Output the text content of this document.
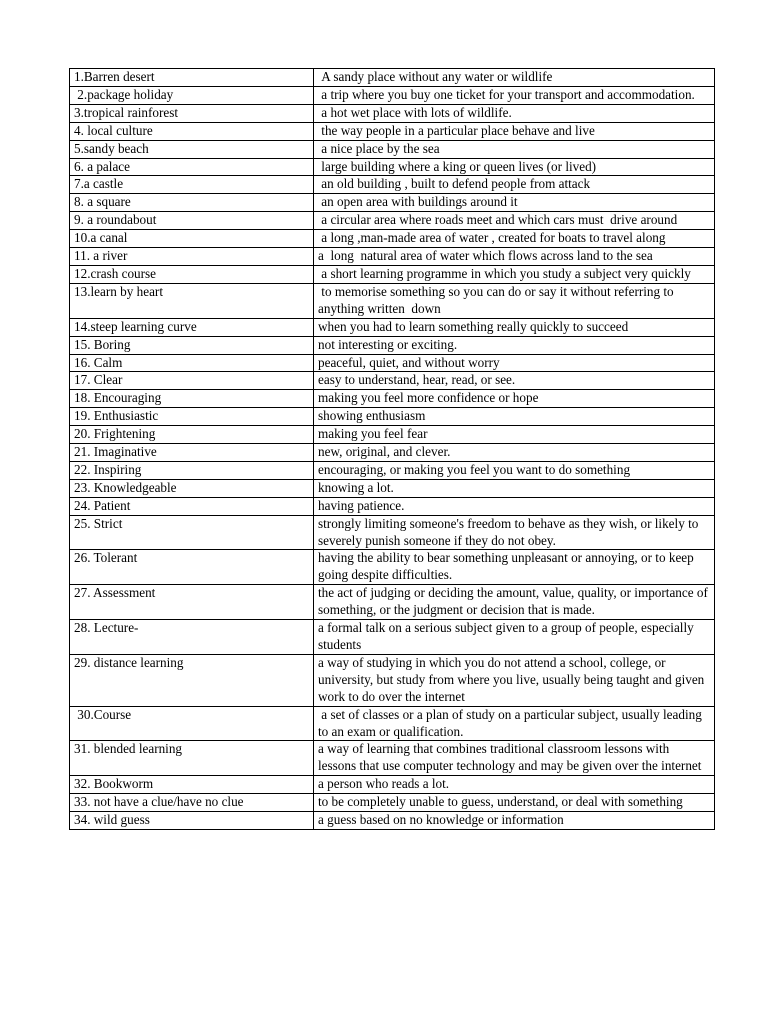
1.Barren desert	A sandy place without any water or wildlife
2.package holiday	a trip where you buy one ticket for your transport and accommodation.
3.tropical rainforest	a hot wet place with lots of wildlife.
4. local culture	the way people in a particular place behave and live
5.sandy beach	a nice place by the sea
6. a palace	large building where a king or queen lives (or lived)
7.a castle	an old building , built to defend people from attack
8. a square	an open area with buildings around it
9. a roundabout	a circular area where roads meet and which cars must  drive around
10.a canal	a long ,man-made area of water , created for boats to travel along
11. a river	a  long  natural area of water which flows across land to the sea
12.crash course	a short learning programme in which you study a subject very quickly
13.learn by heart	to memorise something so you can do or say it without referring to anything written  down
14.steep learning curve	when you had to learn something really quickly to succeed
15. Boring	not interesting or exciting.
16. Calm	peaceful, quiet, and without worry
17. Clear	easy to understand, hear, read, or see.
18. Encouraging	making you feel more confidence or hope
19. Enthusiastic	showing enthusiasm
20. Frightening	making you feel fear
21. Imaginative	new, original, and clever.
22. Inspiring	encouraging, or making you feel you want to do something
23. Knowledgeable	knowing a lot.
24. Patient	having patience.
25. Strict	strongly limiting someone's freedom to behave as they wish, or likely to severely punish someone if they do not obey.
26. Tolerant	having the ability to bear something unpleasant or annoying, or to keep going despite difficulties.
27. Assessment	the act of judging or deciding the amount, value, quality, or importance of something, or the judgment or decision that is made.
28. Lecture-	a formal talk on a serious subject given to a group of people, especially students
29. distance learning	a way of studying in which you do not attend a school, college, or university, but study from where you live, usually being taught and given work to do over the internet
30.Course	a set of classes or a plan of study on a particular subject, usually leading to an exam or qualification.
31. blended learning	a way of learning that combines traditional classroom lessons with lessons that use computer technology and may be given over the internet
32. Bookworm	a person who reads a lot.
33. not have a clue/have no clue	to be completely unable to guess, understand, or deal with something
34. wild guess	a guess based on no knowledge or information
